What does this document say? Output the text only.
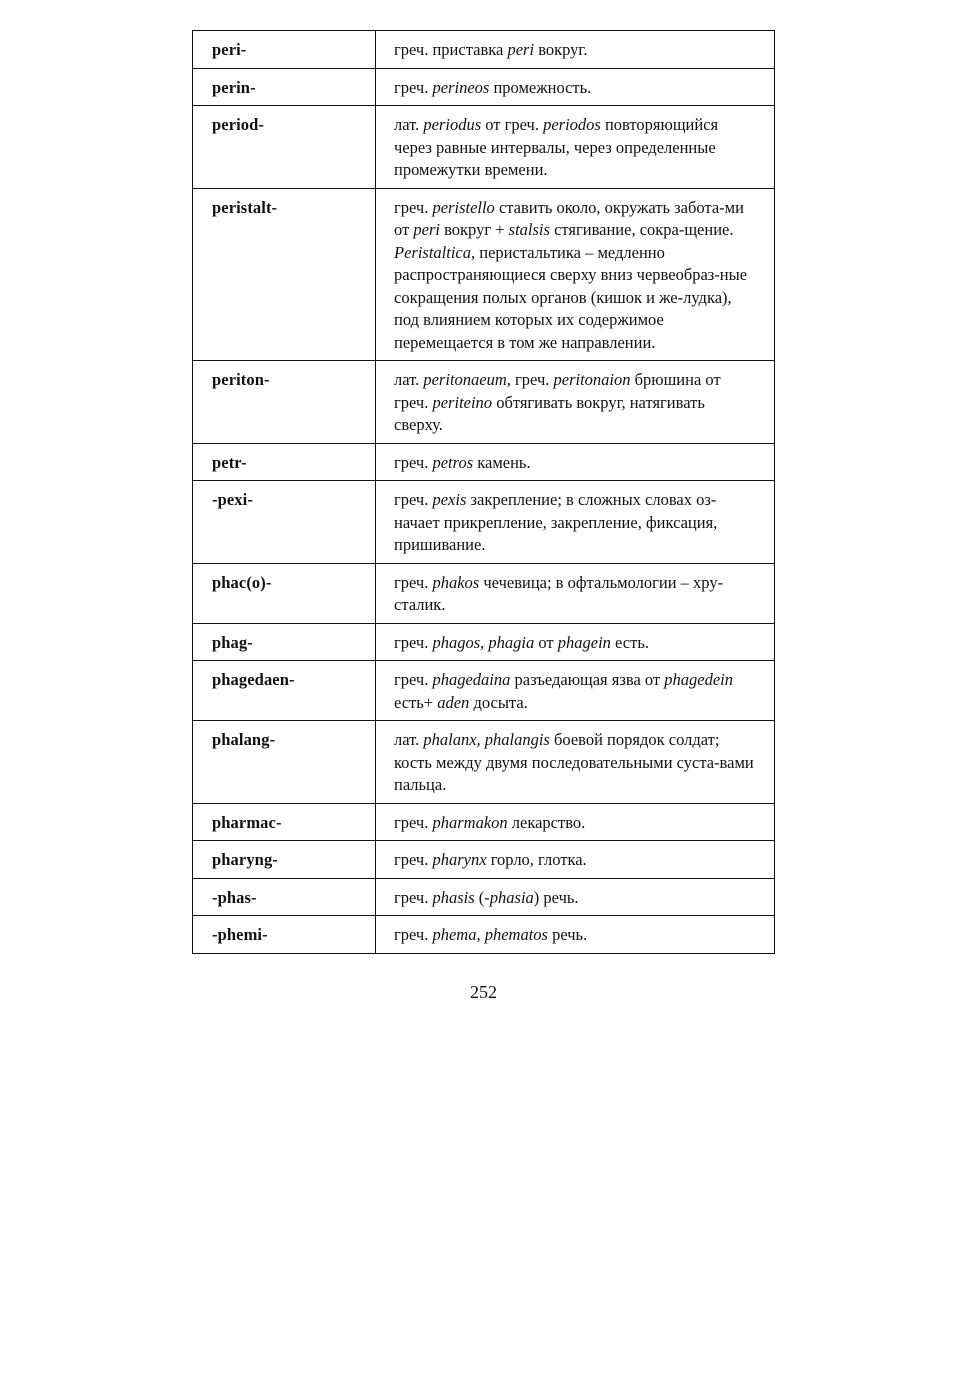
peri-	греч. приставка peri вокруг.
perin-	греч. perineos промежность.
period-	лат. periodus от греч. periodos повторяющийся через равные интервалы, через определенные промежутки времени.
peristalt-	греч. peristello ставить около, окружать забота-ми от peri вокруг + stalsis стягивание, сокра-щение. Peristaltica, перистальтика – медленно распространяющиеся сверху вниз червеобраз-ные сокращения полых органов (кишок и же-лудка), под влиянием которых их содержимое перемещается в том же направлении.
periton-	лат. peritonaeum, греч. peritonaion брюшина от греч. periteino обтягивать вокруг, натягивать сверху.
petr-	греч. petros камень.
-pexi-	греч. pexis закрепление; в сложных словах оз-начает прикрепление, закрепление, фиксация, пришивание.
phac(o)-	греч. phakos чечевица; в офтальмологии – хру-сталик.
phag-	греч. phagos, phagia от phagein есть.
phagedaen-	греч. phagedaina разъедающая язва от phagedein есть+ aden досыта.
phalang-	лат. phalanx, phalangis боевой порядок солдат; кость между двумя последовательными суста-вами пальца.
pharmac-	греч. pharmakon лекарство.
pharyng-	греч. pharynx горло, глотка.
-phas-	греч. phasis (-phasia) речь.
-phemi-	греч. phema, phematos речь.
252
